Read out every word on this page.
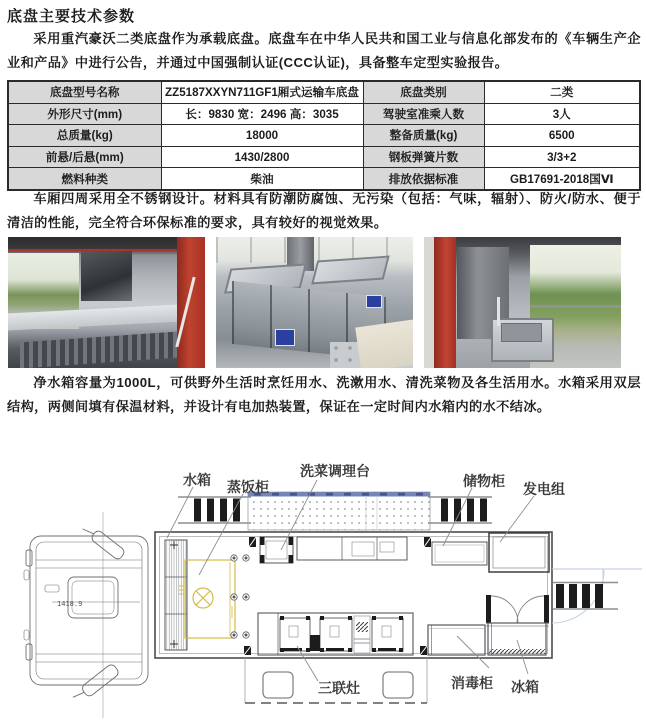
底盘主要技术参数
采用重汽豪沃二类底盘作为承载底盘。底盘车在中华人民共和国工业与信息化部发布的《车辆生产企业和产品》中进行公告，并通过中国强制认证(CCC认证)，具备整车定型实验报告。
底盘型号名称	ZZ5187XXYN711GF1厢式运输车底盘	底盘类别	二类
外形尺寸(mm)	长：9830 宽：2496 高：3035	驾驶室准乘人数	3人
总质量(kg)	18000	整备质量(kg)	6500
前悬/后悬(mm)	1430/2800	钢板弹簧片数	3/3+2
燃料种类	柴油	排放依据标准	GB17691-2018国Ⅵ
车厢四周采用全不锈钢设计。材料具有防潮防腐蚀、无污染（包括：气味，辐射）、防火/防水、便于清洁的性能，完全符合环保标准的要求，具有较好的视觉效果。
净水箱容量为1000L，可供野外生活时烹饪用水、洗漱用水、清洗菜物及各生活用水。水箱采用双层结构，两侧间填有保温材料，并设计有电加热装置，保证在一定时间内水箱内的水不结冰。
1418.9
水箱 蒸饭柜
洗菜调理台
储物柜 发电组
三联灶	消毒柜 冰箱
